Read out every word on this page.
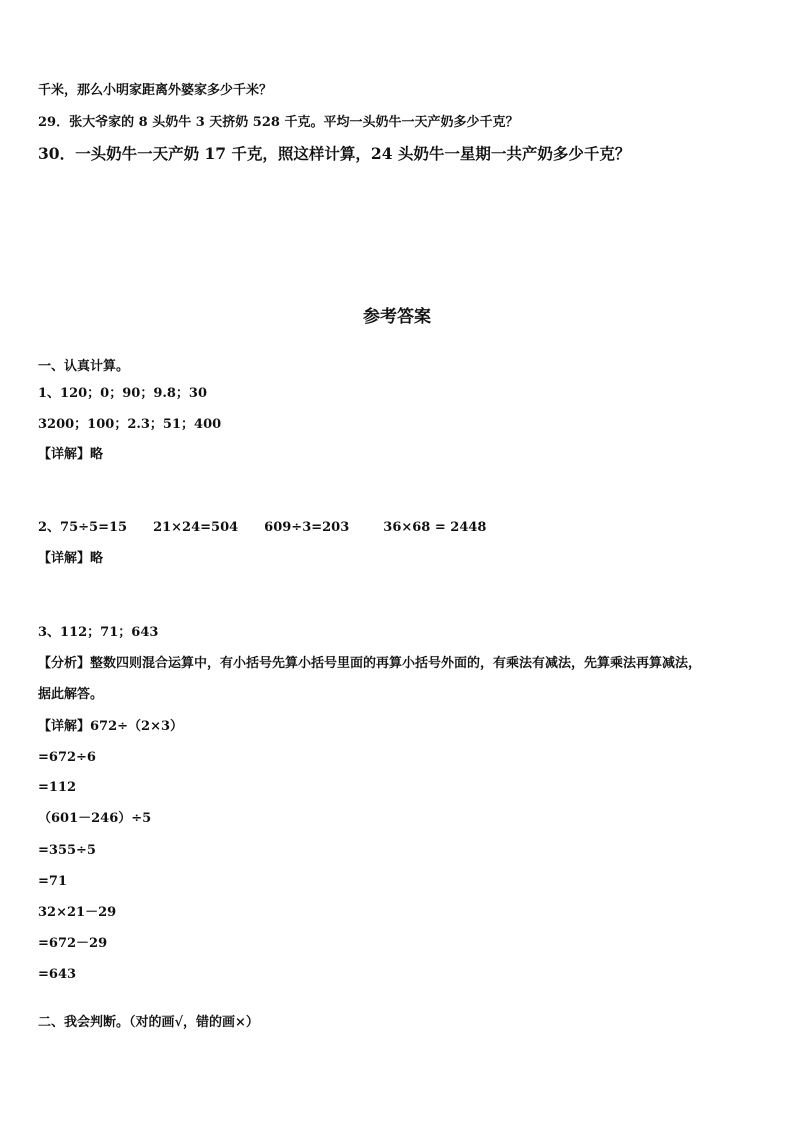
千米，那么小明家距离外婆家多少千米？
29．张大爷家的 8 头奶牛 3 天挤奶 528 千克。平均一头奶牛一天产奶多少千克？
30．一头奶牛一天产奶 17 千克，照这样计算，24 头奶牛一星期一共产奶多少千克？
参考答案
一、认真计算。
1、120；0；90；9.8；30
3200；100；2.3；51；400
【详解】略
2、75÷5=15 21×24=504 609÷3=203	36×68 = 2448
【详解】略
3、112；71；643
【分析】整数四则混合运算中，有小括号先算小括号里面的再算小括号外面的，有乘法有减法，先算乘法再算减法，
据此解答。
【详解】672÷（2×3）
=672÷6
=112
（601－246）÷5
=355÷5
=71
32×21－29
=672－29
=643
二、我会判断。（对的画√，错的画×）
